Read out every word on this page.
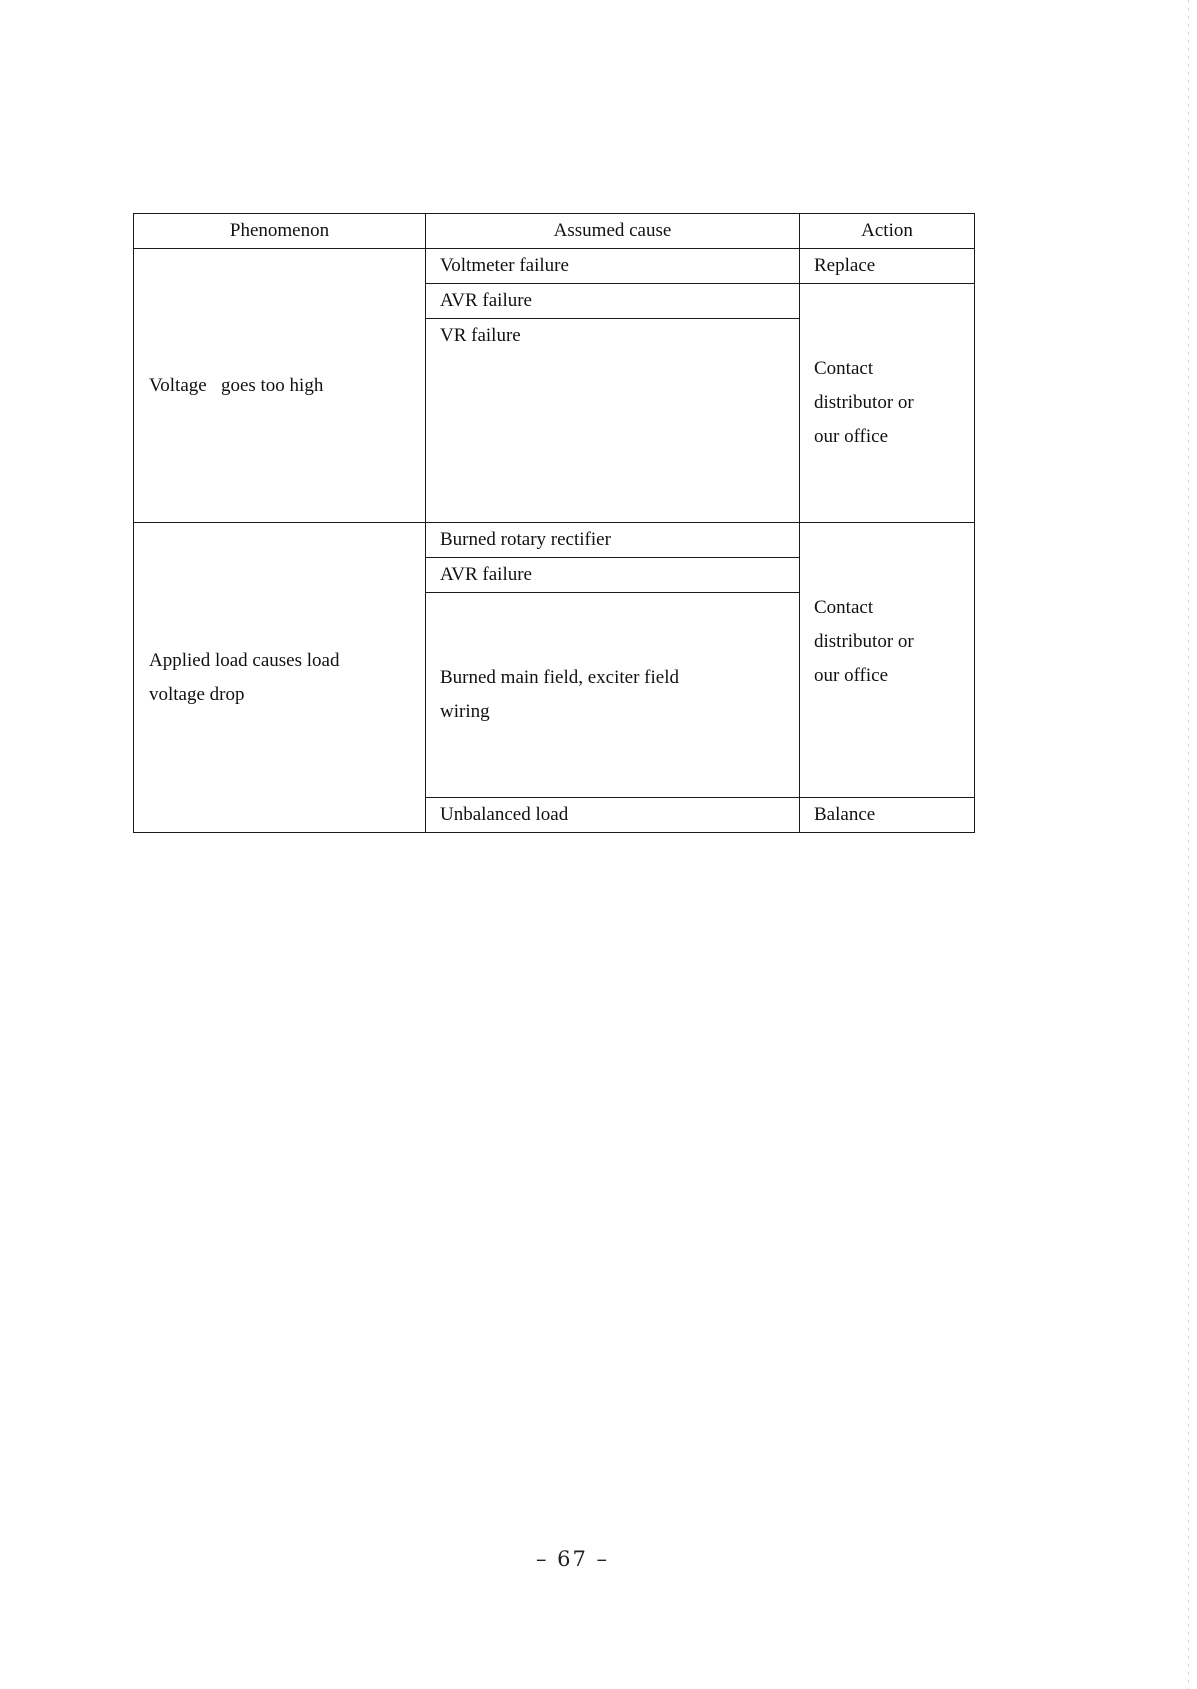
Phenomenon	Assumed cause	Action

Voltage   goes too high	Voltmeter failure	Replace
	AVR failure	Contact
distributor or
our office

	VR failure	

Applied load causes load
voltage drop	Burned rotary rectifier	Contact
distributor or
our office

	AVR failure	

	Burned main field, exciter field
wiring	

	Unbalanced load	Balance
– 67 –
